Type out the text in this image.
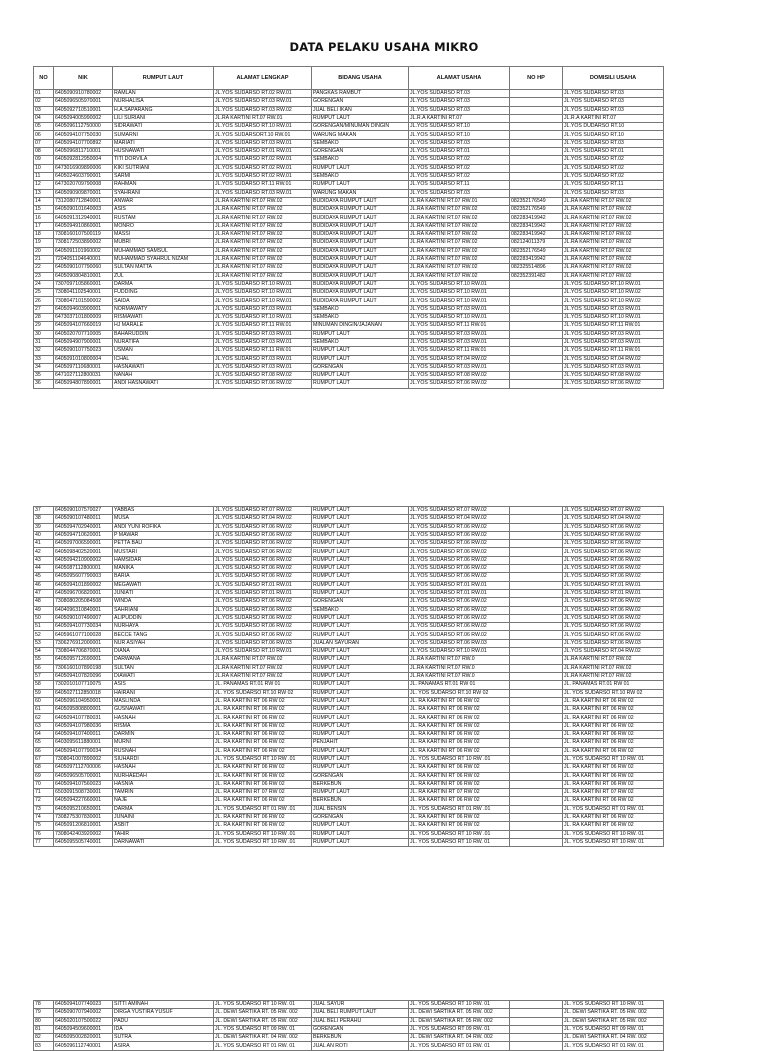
DATA PELAKU USAHA MIKRO
NO	NIK	RUMPUT LAUT	ALAMAT LENGKAP	BIDANG USAHA	ALAMAT USAHA	NO HP	DOMISILI USAHA
01	6405090910780002	RAMLAN	JL.YOS SUDARSO RT.02 RW.01	PANGKAS RAMBUT	JL.YOS SUDARSO RT.03		JL.YOS SUDARSO RT.03
02	6405096505970001	NURHALISA	JL.YOS SUDARSO RT.03 RW.01	GORENGAN	JL.YOS SUDARSO RT.03		JL.YOS SUDARSO RT.03
03	6405092710510001	H.A.SAPARANG	JL.YOS SUDARSO RT.03 RW.02	JUAL BELI IKAN	JL.YOS SUDARSO RT.03		JL.YOS SUDARSO RT.03
04	6405094005990002	LILI SURIANI	JL.RA KARTINI RT.07 RW.01	RUMPUT LAUT	JL.R.A KARTINI RT.07		JL.R.A KARTINI RT.07
05	6405096112750000	SIDRAWATI	JL.YOS SUDARSO RT.10 RW.01	GORENGAN/MINUMAN DINGIN	JL.YOS SUDARSO RT.10		JL.YOS DUDARSO RT.10
06	6405094107750030	SUMARNI	JL.YOS SUDARSORT.10 RW.01	WARUNG MAKAN	JL.YOS SUDARSO RT.10		JL.YOS SUDARSO RT.10
07	6405094107700892	MARIATI	JL.YOS SUDARSO RT.03 RW.01	SEMBAKO	JL.YOS SUDARSO RT.03		JL.YOS SUDARSO RT.03
08	6405096811710001	HUSNAWATI	JL.YOS SUDARSO RT.01 RW.01	GORENGAN	JL.YOS SUDARSO RT.01		JL.YOS SUDARSO RT.01
09	6405092812950004	TITI DORVILA	JL.YOS SUDARSO RT.02 RW.01	SEMBAKO	JL.YOS SUDARSO RT.02		JL.YOS SUDARSO RT.02
10	6473016909890006	KIKI SUTRIANI	JL.YOS SUDARSO RT.02 RW.01	RUMPUT LAUT	JL.YOS SUDARSO RT.02		JL.YOS SUDARSO RT.02
11	6405024603790001	SARMI	JL.YOS SUDARSO RT.02 RW.01	SEMBAKO	JL.YOS SUDARSO RT.02		JL.YOS SUDARSO RT.02
12	6473020709790008	RAHMAN	JL.YOS SUDARSO RT.11 RW.01	RUMPUT LAUT	JL.YOS SUDARSO RT.11		JL.YOS SUDARSO RT.11
13	6405090909870001	SYAHRANI	JL.YOS SUDARSO RT.03 RW.01	WARUNG MAKAN	JL.YOS SUDARSO RT.03		JL.YOS SUDARSO RT.03
14	7312080712840001	ANWAR	JL.RA KARTINI RT.07 RW.02	BUDIDAYA RUMPUT LAUT	JL.RA KARTINI RT.07 RW.01	082352176549	JL.RA KARTINI RT.07 RW.02
15	6405090101640003	ASIS	JL.RA KARTINI RT.07 RW.02	BUDIDAYA RUMPUT LAUT	JL.RA KARTINI RT.07 RW.02	082352176549	JL.RA KARTINI RT.07 RW.02
16	6405091312940001	RUSTAM	JL.RA KARTINI RT.07 RW.02	BUDIDAYA RUMPUT LAUT	JL.RA KARTINI RT.07 RW.02	082283419942	JL.RA KARTINI RT.07 RW.02
17	6405094910860001	MONRO	JL.RA KARTINI RT.07 RW.02	BUDIDAYA RUMPUT LAUT	JL.RA KARTINI RT.07 RW.02	082283419942	JL.RA KARTINI RT.07 RW.02
18	7308160107500119	MASSI	JL.RA KARTINI RT.07 RW.02	BUDIDAYA RUMPUT LAUT	JL.RA KARTINI RT.07 RW.02	082283419942	JL.RA KARTINI RT.07 RW.02
19	7308172503890002	MUBRI	JL.RA KARTINI RT.07 RW.02	BUDIDAYA RUMPUT LAUT	JL.RA KARTINI RT.07 RW.02	082124011379	JL.RA KARTINI RT.07 RW.02
20	6405091101960002	MUHAMMAD SAMSUL	JL.RA KARTINI RT.07 RW.02	BUDIDAYA RUMPUT LAUT	JL.RA KARTINI RT.07 RW.02	082352176549	JL.RA KARTINI RT.07 RW.02
21	7204051104640001	MUHAMMAD SYAHRUL NIZAM	JL.RA KARTINI RT.07 RW.02	BUDIDAYA RUMPUT LAUT	JL.RA KARTINI RT.07 RW.02	082283419942	JL.RA KARTINI RT.07 RW.02
22	6405090107790060	SULTAN MATTA	JL.RA KARTINI RT.07 RW.02	BUDIDAYA RUMPUT LAUT	JL.RA KARTINI RT.07 RW.02	082325514896	JL.RA KARTINI RT.07 RW.02
23	6405090804810001	ZUL	JL.RA KARTINI RT.07 RW.02	BUDIDAYA RUMPUT LAUT	JL.RA KARTINI RT.07 RW.02	082352391482	JL.RA KARTINI RT.07 RW.02
24	7307097105860001	DARMA	JL.YOS SUDARSO RT.10 RW.01	BUDIDAYA RUMPUT LAUT	JL.YOS SUDARSO RT.10 RW.01		JL.YOS SUDARSO RT.10 RW.01
25	7308041102540001	FUDDING	JL.YOS SUDARSO RT.10 RW.01	BUDIDAYA RUMPUT LAUT	JL.YOS SUDARSO RT.10 RW.01		JL.YOS SUDARSO RT.10 RW.02
26	7308047101590002	SAIDA	JL.YOS SUDARSO RT.10 RW.01	BUDIDAYA RUMPUT LAUT	JL.YOS SUDARSO RT.10 RW.01		JL.YOS SUDARSO RT.10 RW.02
27	6405094603900001	NORMAWATY	JL.YOS SUDARSO RT.03 RW.01	SEMBAKO	JL.YOS SUDARSO RT.03 RW.01		JL.YOS SUDARSO RT.03 RW.01
28	6473037101800009	RISMAWATI	JL.YOS SUDARSO RT.10 RW.01	SEMBAKO	JL.YOS SUDARSO RT.10 RW.01		JL.YOS SUDARSO RT.10 RW.01
29	6405094107660019	HJ MARALE	JL.YOS SUDARSO RT.11 RW.01	MINUMAN DINGIN/JAJANAN	JL.YOS SUDARSO RT.11 RW.01		JL.YOS SUDARSO RT.11 RW.01
30	6405020707710005	BAHARUDDIN	JL.YOS SUDARSO RT.03 RW.01	RUMPUT LAUT	JL.YOS SUDARSO RT.03 RW.01		JL.YOS SUDARSO RT.03 RW.01
31	6405094907900001	NURATIFA	JL.YOS SUDARSO RT.03 RW.01	SEMBAKO	JL.YOS SUDARSO RT.03 RW.01		JL.YOS SUDARSO RT.03 RW.01
32	6405090107750023	USMAN	JL.YOS SUDARSO RT.11 RW.01	RUMPUT LAUT	JL.YOS SUDARSO RT.11 RW.01		JL.YOS SUDARSO RT.11 RW.01
33	6405091010800004	ICHAL	JL.YOS SUDARSO RT.03 RW.01	RUMPUT LAUT	JL.YOS SUDARSO RT.04 RW.02		JL.YOS SUDARSO RT.04 RW.02
34	6405097110680001	HASNAWATI	JL.YOS SUDARSO RT.03 RW.01	GORENGAN	JL.YOS SUDARSO RT.03 RW.01		JL.YOS SUDARSO RT.03 RW.01
35	6471027112800031	NANAH	JL.YOS SUDARSO RT.08 RW.02	RUMPUT LAUT	JL.YOS SUDARSO RT.08 RW.02		JL.YOS SUDARSO RT.08 RW.02
36	6405094807890001	ANDI HASNAWATI	JL.YOS SUDARSO RT.06 RW.02	RUMPUT LAUT	JL.YOS SUDARSO RT.06 RW.02		JL.YOS SUDARSO RT.06 RW.02
37	6405090107570027	YABBAS	JL.YOS SUDARSO RT.07 RW.02	RUMPUT LAUT	JL.YOS SUDARSO RT.07 RW.02		JL.YOS SUDARSO RT.07 RW.02
38	6405090107480011	MUSA	JL.YOS SUDARSO RT.04 RW.02	RUMPUT LAUT	JL.YOS SUDARSO RT.04 RW.02		JL.YOS SUDARSO RT.04 RW.02
39	6405094702940001	ANDI YUNI ROFIKA	JL.YOS SUDARSO RT.06 RW.02	RUMPUT LAUT	JL.YOS SUDARSO RT.06 RW.02		JL.YOS SUDARSO RT.06 RW.02
40	6405094710620001	P MAWAR	JL.YOS SUDARSO RT.06 RW.02	RUMPUT LAUT	JL.YOS SUDARSO RT.06 RW.02		JL.YOS SUDARSO RT.06 RW.02
41	6405097006590001	PETTA BAU	JL.YOS SUDARSO RT.06 RW.02	RUMPUT LAUT	JL.YOS SUDARSO RT.06 RW.02		JL.YOS SUDARSO RT.06 RW.02
42	6405098402520001	MUSTARI	JL.YOS SUDARSO RT.06 RW.02	RUMPUT LAUT	JL.YOS SUDARSO RT.06 RW.02		JL.YOS SUDARSO RT.06 RW.02
43	6405094210900002	HAMSIDAR	JL.YOS SUDARSO RT.06 RW.02	RUMPUT LAUT	JL.YOS SUDARSO RT.06 RW.02		JL.YOS SUDARSO RT.06 RW.02
44	6405087112800001	MANIKA	JL.YOS SUDARSO RT.06 RW.02	RUMPUT LAUT	JL.YOS SUDARSO RT.06 RW.02		JL.YOS SUDARSO RT.06 RW.02
45	6405095607790003	BARIA	JL.YOS SUDARSO RT.06 RW.02	RUMPUT LAUT	JL.YOS SUDARSO RT.06 RW.02		JL.YOS SUDARSO RT.06 RW.02
46	6405094101890002	MEGAWATI	JL.YOS SUDARSO RT.01 RW.01	RUMPUT LAUT	JL.YOS SUDARSO RT.01 RW.01		JL.YOS SUDARSO RT.01 RW.01
47	6405096706820001	JUNIATI	JL.YOS SUDARSO RT.01 RW.01	RUMPUT LAUT	JL.YOS SUDARSO RT.01 RW.01		JL.YOS SUDARSO RT.01 RW.01
48	7308080205084508	WINDA	JL.YOS SUDARSO RT.06 RW.02	GORENGAN	JL.YOS SUDARSO RT.06 RW.02		JL.YOS SUDARSO RT.06 RW.02
49	6404096310840001	SAHRIANI	JL.YOS SUDARSO RT.06 RW.02	SEMBAKO	JL.YOS SUDARSO RT.06 RW.02		JL.YOS SUDARSO RT.06 RW.02
50	6405090107490007	ALIPUDDIN	JL.YOS SUDARSO RT.06 RW.02	RUMPUT LAUT	JL.YOS SUDARSO RT.06 RW.02		JL.YOS SUDARSO RT.06 RW.02
51	6405094107730034	NURHAYA	JL.YOS SUDARSO RT.06 RW.02	RUMPUT LAUT	JL.YOS SUDARSO RT.06 RW.02		JL.YOS SUDARSO RT.06 RW.02
52	6405961077100028	BECCE TANG	JL.YOS SUDARSO RT.06 RW.02	RUMPUT LAUT	JL.YOS SUDARSO RT.06 RW.02		JL.YOS SUDARSO RT.06 RW.02
53	7306276912000001	NUR ASIYAH	JL.YOS SUDARSO RT.06 RW.03	JUALAN SAYURAN	JL.YOS SUDARSO RT.06 RW.03		JL.YOS SUDARSO RT.06 RW.03
54	7308044706870001	DIANA	JL.YOS SUDARSO RT.10 RW.01	RUMPUT LAUT	JL.YOS SUDARSO RT.10 RW.01		JL.YOS SUDARSO RT.04 RW.02
55	6405095712690001	DARWANA	JL.RA KARTINI RT.07 RW.02	RUMPUT LAUT	JL.RA KARTINI RT.07 RW.0		JL.RA KARTINI RT.07 RW.02
56	7306160107890198	SULTAN	JL.RA KARTINI RT.07 RW.02	RUMPUT LAUT	JL.RA KARTINI RT.07 RW.0		JL.RA KARTINI RT.07 RW.02
57	6405094107820096	DIAWATI	JL.RA KARTINI RT.07 RW.02	RUMPUT LAUT	JL.RA KARTINI RT.07 RW.0		JL.RA KARTINI RT.07 RW.02
58	7302010107710075	ASIS	JL. PANAMAS RT.01 RW 01	RUMPUT LAUT	JL. PANAMAS RT.01 RW 01		JL. PANAMAS RT.01 RW 01
59	6405027112850018	HAIRANI	JL. YOS SUDARSO RT.10 RW 02	RUMPUT LAUT	JL. YOS SUDARSO RT.10 RW 02		JL. YOS SUDARSO RT.10 RW 02
60	6405096104950001	MASLINDA	JL. RA KARTINI RT 06 RW 02	RUMPUT LAUT	JL. RA KARTINI RT 06 RW 02		JL. RA KARTINI RT 06 RW 02
61	6405095808800001	GUSNAWATI	JL. RA KARTINI RT 06 RW 02	RUMPUT LAUT	JL. RA KARTINI RT 06 RW 02		JL. RA KARTINI RT 06 RW 02
62	6405094107780031	HASNAH	JL. RA KARTINI RT 06 RW 02	RUMPUT LAUT	JL. RA KARTINI RT 06 RW 02		JL. RA KARTINI RT 06 RW 02
63	6405094107980036	RISMA	JL. RA KARTINI RT 06 RW 02	RUMPUT LAUT	JL. RA KARTINI RT 06 RW 02		JL. RA KARTINI RT 06 RW 02
64	6405094107400011	DARMIN	JL. RA KARTINI RT 06 RW 02	RUMPUT LAUT	JL. RA KARTINI RT 06 RW 02		JL. RA KARTINI RT 06 RW 02
65	6403095611880001	MURNI	JL. RA KARTINI RT 06 RW 02	PENJAHIT	JL. RA KARTINI RT 06 RW 02		JL. RA KARTINI RT 06 RW 02
66	6405094107790034	RUSNAH	JL. RA KARTINI RT 06 RW 02	RUMPUT LAUT	JL. RA KARTINI RT 06 RW 02		JL. RA KARTINI RT 06 RW 02
67	7308041007890002	SIUHARDI	JL. YOS SUDARSO RT 10 RW .01	RUMPUT LAUT	JL. YOS SUDARSO RT 10 RW .01		JL. YOS SUDARSO RT 10 RW. 01
68	6405097112700006	HASNAH	JL. RA KARTINI RT 06 RW 02	RUMPUT LAUT	JL. RA KARTINI RT 06 RW 02		JL. RA KARTINI RT 06 RW 02
69	6405096505700001	NURHAEDAH	JL. RA KARTINI RT 06 RW 02	GORENGAN	JL. RA KARTINI RT 06 RW 02		JL. RA KARTINI RT 06 RW 02
70	6405094107560023	HASNIA	JL. RA KARTINI RT 06 RW 02	BERKEBUN	JL. RA KARTINI RT 06 RW 02		JL. RA KARTINI RT 06 RW 02
71	6503091508730001	TAMRIN	JL. RA KARTINI RT 07 RW 02	RUMPUT LAUT	JL. RA KARTINI RT 07 RW 02		JL. RA KARTINI RT 07 RW 02
72	6405094227660001	NAJE	JL. RA KARTINI RT 06 RW 02	BERKEBUN	JL. RA KARTINI RT 06 RW 02		JL. RA KARTINI RT 06 RW 02
73	6405095210650001	DARMA	JL. YOS SUDARSO RT 01 RW .01	JUAL BENSIN	JL. YOS SUDARSO RT 01 RW .01		JL. YOS SUDARSO RT 01 RW. 01
74	7308275307830001	JUNAINI	JL. RA KARTINI RT 06 RW 02	GORENGAN	JL. RA KARTINI RT 06 RW 02		JL. RA KARTINI RT 06 RW 02
75	6405091206810001	ASBIT	JL. RA KARTINI RT 06 RW 02	RUMPUT LAUT	JL. RA KARTINI RT 06 RW 02		JL. RA KARTINI RT 06 RW 02
76	7308042403920002	TAHIR	JL. YOS SUDARSO RT 10 RW .01	RUMPUT LAUT	JL. YOS SUDARSO RT 10 RW .01		JL. YOS SUDARSO RT 10 RW. 01
77	6405095505740001	DARNAWATI	JL. YOS SUDARSO RT 10 RW .01	RUMPUT LAUT	JL. YOS SUDARSO RT 10 RW. 01		JL. YOS SUDARSO RT 10 RW. 01
78	6405094107740023	SITTI AMINAH	JL. YOS SUDARSO RT 10 RW. 01	JUAL SAYUR	JL. YOS SUDARSO RT 10 RW. 01		JL. YOS SUDARSO RT 10 RW. 01
79	6405090707940002	DIRGA YUSTIRA YUSUF	JL. DEWI SARTIKA RT. 05 RW. 002	JUAL BELI RUMPUT LAUT	JL. DEWI SARTIKA RT. 05 RW. 002		JL. DEWI SARTIKA RT. 05 RW. 002
80	6405020107500022	PADU	JL. DEWI SARTIKA RT. 05 RW. 002	JUAL BELI PERAHU	JL. DEWI SARTIKA RT. 05 RW. 002		JL. DEWI SARTIKA RT. 05 RW. 002
81	6405094509600001	IDA	JL. YOS SUDARSO RT 09 RW. 01	GORENGAN	JL. YOS SUDARSO RT 09 RW. 01		JL. YOS SUDARSO RT 09 RW. 01
82	6405095002820001	SUTRA	JL. DEWI SARTIKA RT. 04 RW. 002	BERKEBUN	JL. DEWI SARTIKA RT. 04 RW. 002		JL. DEWI SARTIKA RT. 04 RW. 002
83	6405096112740001	ASIRA	JL. YOS SUDARSO RT 01 RW. 01	JUAL AN ROTI	JL. YOS SUDARSO RT 01 RW. 01		JL. YOS SUDARSO RT 01 RW. 01
